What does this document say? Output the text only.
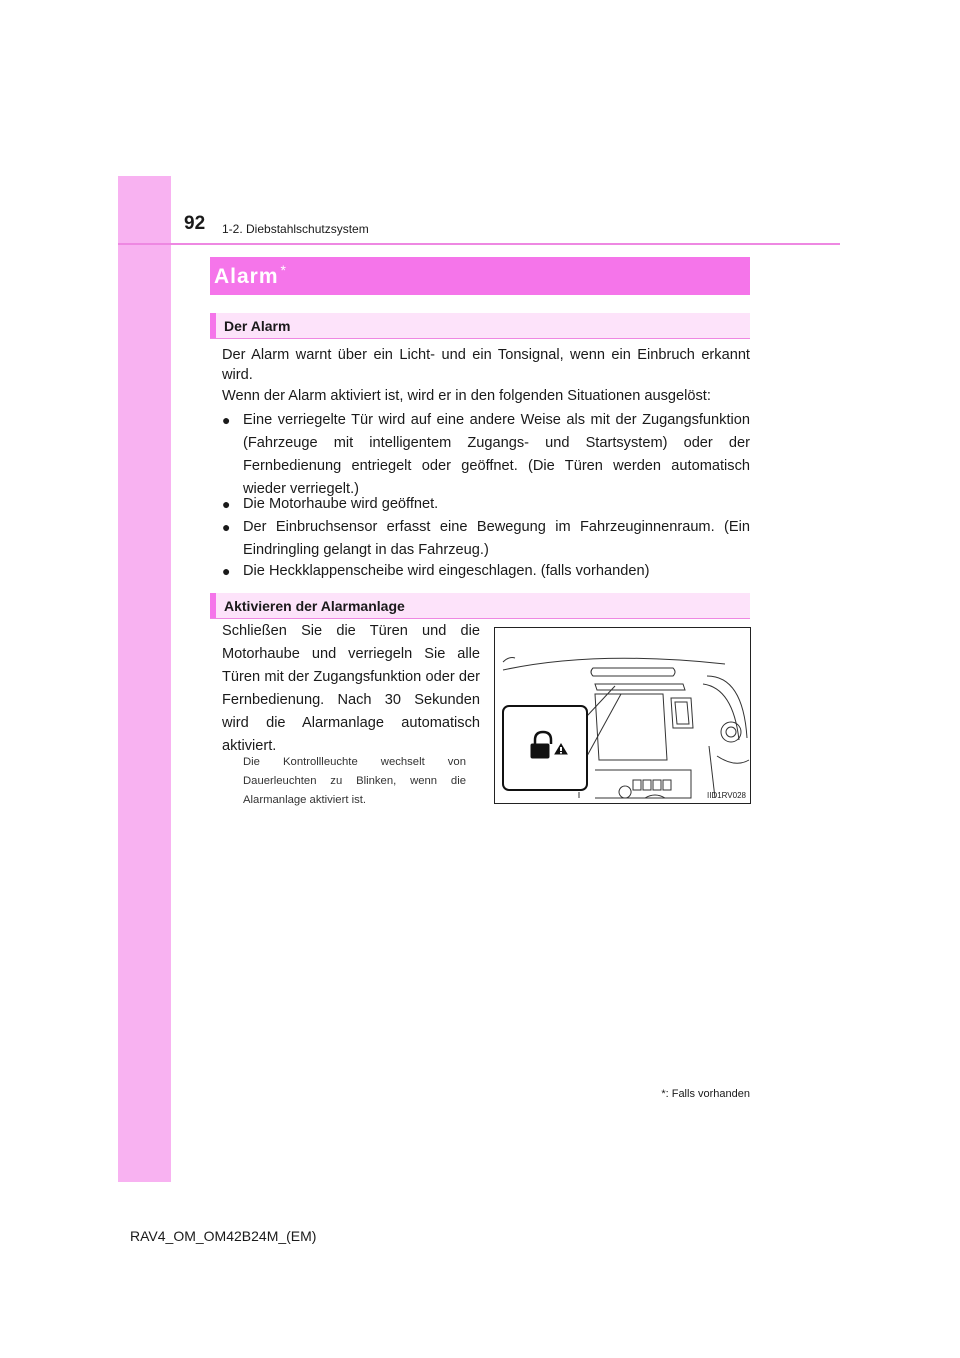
92 1-2. Diebstahlschutzsystem
Alarm *
Der Alarm
Der Alarm warnt über ein Licht- und ein Tonsignal, wenn ein Einbruch erkannt wird.
Wenn der Alarm aktiviert ist, wird er in den folgenden Situationen ausgelöst:
● Eine verriegelte Tür wird auf eine andere Weise als mit der Zugangsfunktion (Fahrzeuge mit intelligentem Zugangs- und Startsystem) oder der Fernbedienung entriegelt oder geöffnet. (Die Türen werden automatisch wieder verriegelt.)
● Die Motorhaube wird geöffnet.
● Der Einbruchsensor erfasst eine Bewegung im Fahrzeuginnenraum. (Ein Eindringling gelangt in das Fahrzeug.)
● Die Heckklappenscheibe wird eingeschlagen. (falls vorhanden)
Aktivieren der Alarmanlage
Schließen Sie die Türen und die Motorhaube und verriegeln Sie alle Türen mit der Zugangsfunktion oder der Fernbedienung. Nach 30 Sekunden wird die Alarmanlage automatisch aktiviert.
Die Kontrollleuchte wechselt von Dauerleuchten zu Blinken, wenn die Alarmanlage aktiviert ist.	IID1RV028
*: Falls vorhanden
RAV4_OM_OM42B24M_(EM)
